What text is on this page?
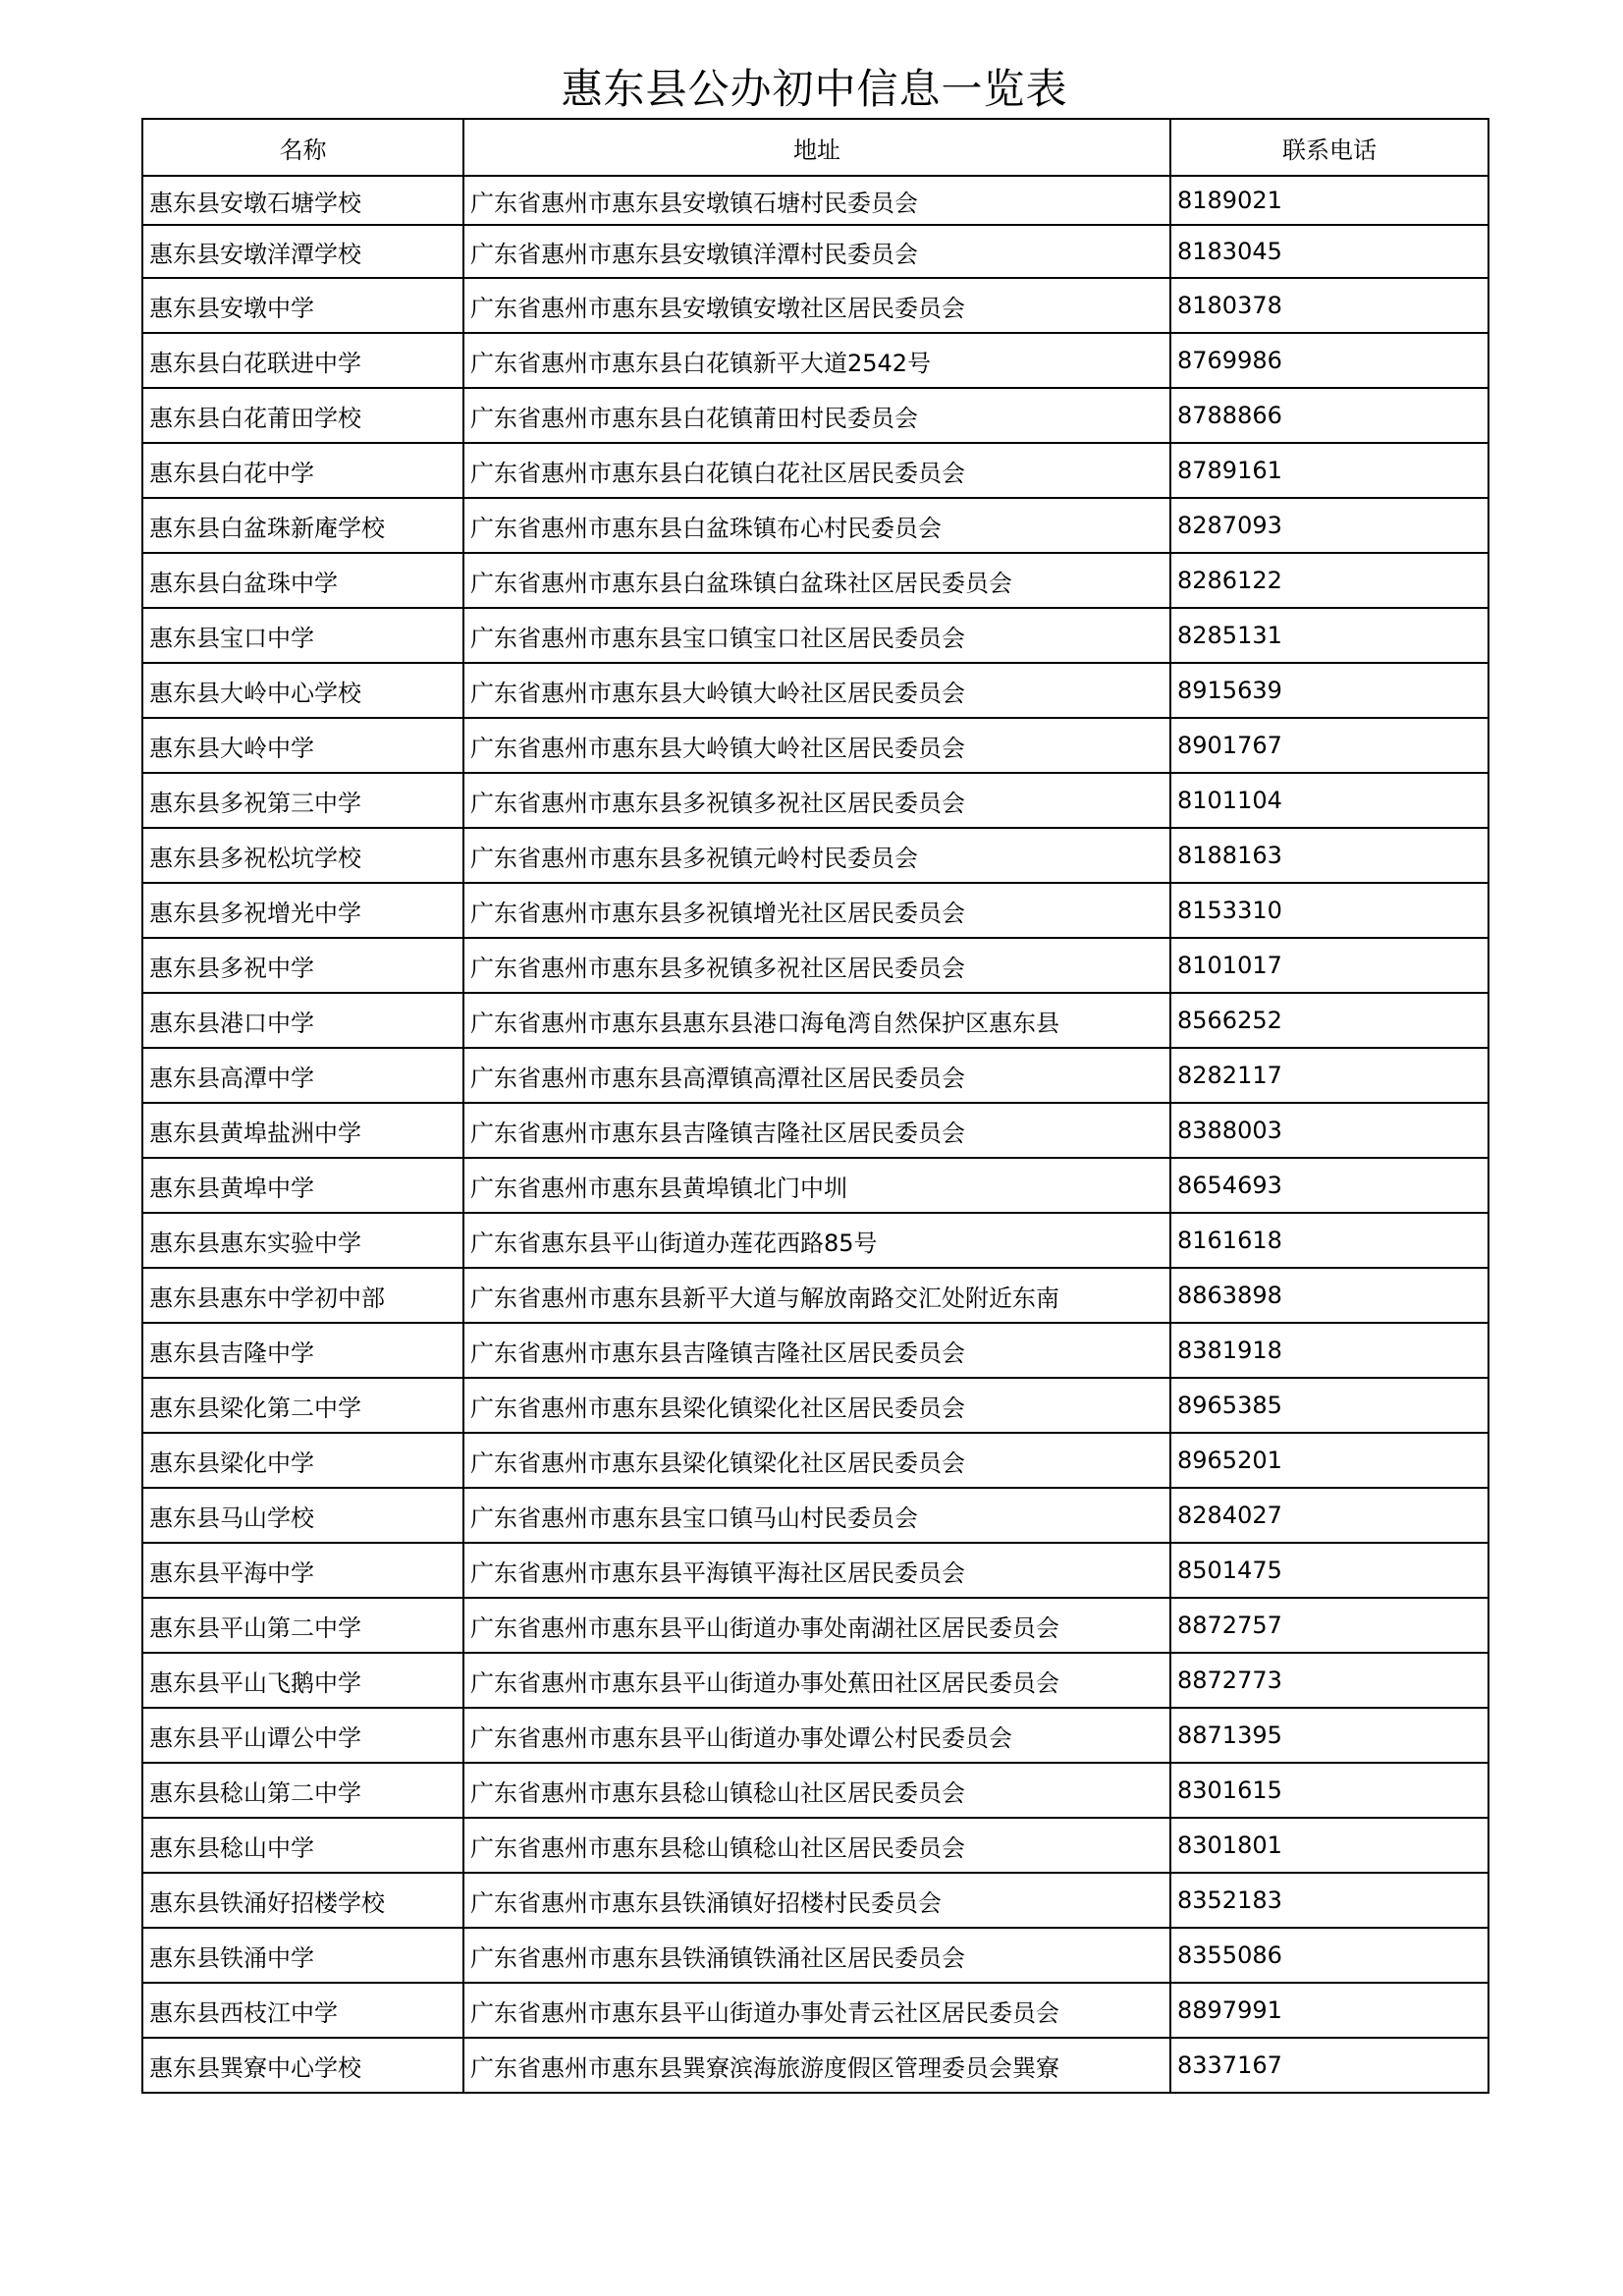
惠东县公办初中信息一览表
名称	地址	联系电话
惠东县安墩石塘学校	广东省惠州市惠东县安墩镇石塘村民委员会	8189021
惠东县安墩洋潭学校	广东省惠州市惠东县安墩镇洋潭村民委员会	8183045
惠东县安墩中学	广东省惠州市惠东县安墩镇安墩社区居民委员会	8180378
惠东县白花联进中学	广东省惠州市惠东县白花镇新平大道2542号	8769986
惠东县白花莆田学校	广东省惠州市惠东县白花镇莆田村民委员会	8788866
惠东县白花中学	广东省惠州市惠东县白花镇白花社区居民委员会	8789161
惠东县白盆珠新庵学校	广东省惠州市惠东县白盆珠镇布心村民委员会	8287093
惠东县白盆珠中学	广东省惠州市惠东县白盆珠镇白盆珠社区居民委员会	8286122
惠东县宝口中学	广东省惠州市惠东县宝口镇宝口社区居民委员会	8285131
惠东县大岭中心学校	广东省惠州市惠东县大岭镇大岭社区居民委员会	8915639
惠东县大岭中学	广东省惠州市惠东县大岭镇大岭社区居民委员会	8901767
惠东县多祝第三中学	广东省惠州市惠东县多祝镇多祝社区居民委员会	8101104
惠东县多祝松坑学校	广东省惠州市惠东县多祝镇元岭村民委员会	8188163
惠东县多祝增光中学	广东省惠州市惠东县多祝镇增光社区居民委员会	8153310
惠东县多祝中学	广东省惠州市惠东县多祝镇多祝社区居民委员会	8101017
惠东县港口中学	广东省惠州市惠东县惠东县港口海龟湾自然保护区惠东县	8566252
惠东县高潭中学	广东省惠州市惠东县高潭镇高潭社区居民委员会	8282117
惠东县黄埠盐洲中学	广东省惠州市惠东县吉隆镇吉隆社区居民委员会	8388003
惠东县黄埠中学	广东省惠州市惠东县黄埠镇北门中圳	8654693
惠东县惠东实验中学	广东省惠东县平山街道办莲花西路85号	8161618
惠东县惠东中学初中部	广东省惠州市惠东县新平大道与解放南路交汇处附近东南	8863898
惠东县吉隆中学	广东省惠州市惠东县吉隆镇吉隆社区居民委员会	8381918
惠东县梁化第二中学	广东省惠州市惠东县梁化镇梁化社区居民委员会	8965385
惠东县梁化中学	广东省惠州市惠东县梁化镇梁化社区居民委员会	8965201
惠东县马山学校	广东省惠州市惠东县宝口镇马山村民委员会	8284027
惠东县平海中学	广东省惠州市惠东县平海镇平海社区居民委员会	8501475
惠东县平山第二中学	广东省惠州市惠东县平山街道办事处南湖社区居民委员会	8872757
惠东县平山飞鹅中学	广东省惠州市惠东县平山街道办事处蕉田社区居民委员会	8872773
惠东县平山谭公中学	广东省惠州市惠东县平山街道办事处谭公村民委员会	8871395
惠东县稔山第二中学	广东省惠州市惠东县稔山镇稔山社区居民委员会	8301615
惠东县稔山中学	广东省惠州市惠东县稔山镇稔山社区居民委员会	8301801
惠东县铁涌好招楼学校	广东省惠州市惠东县铁涌镇好招楼村民委员会	8352183
惠东县铁涌中学	广东省惠州市惠东县铁涌镇铁涌社区居民委员会	8355086
惠东县西枝江中学	广东省惠州市惠东县平山街道办事处青云社区居民委员会	8897991
惠东县巽寮中心学校	广东省惠州市惠东县巽寮滨海旅游度假区管理委员会巽寮	8337167
